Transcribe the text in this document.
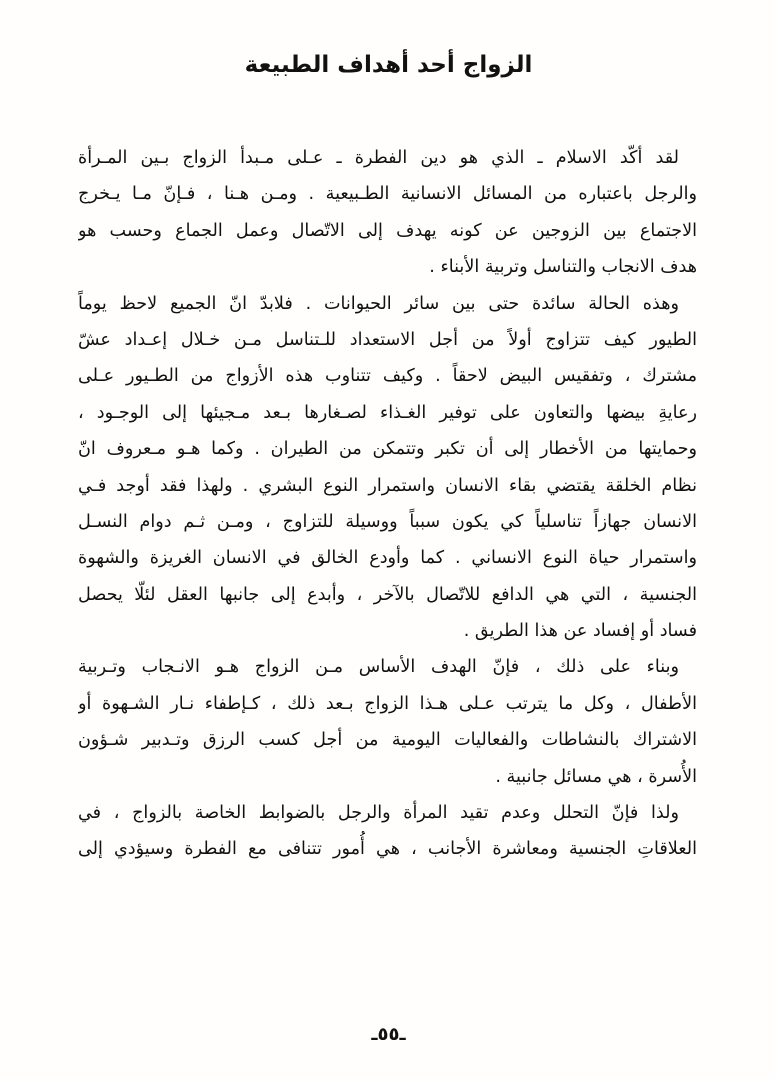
الزواج أحد أهداف الطبيعة
لقد أكّد الاسلام ـ الذي هو دين الفطرة ـ عـلى مـبدأ الزواج بـين المـرأة
والرجل باعتباره من المسائل الانسانية الطـبيعية . ومـن هـنا ، فـإنّ مـا يـخرج
الاجتماع بين الزوجين عن كونه يهدف إلى الاتّصال وعمل الجماع وحسب هو
هدف الانجاب والتناسل وتربية الأبناء .
وهذه الحالة سائدة حتى بين سائر الحيوانات . فلابدّ انّ الجميع لاحظ يوماً
الطيور كيف تتزاوج أولاً من أجل الاستعداد للـتناسل مـن خـلال إعـداد عشّ
مشترك ، وتفقيس البيض لاحقاً . وكيف تتناوب هذه الأزواج من الطـيور عـلى
رعايةِ بيضها والتعاون على توفير الغـذاء لصـغارها بـعد مـجيئها إلى الوجـود ،
وحمايتها من الأخطار إلى أن تكبر وتتمكن من الطيران . وكما هـو مـعروف انّ
نظام الخلقة يقتضي بقاء الانسان واستمرار النوع البشري . ولهذا فقد أوجد فـي
الانسان جهازاً تناسلياً كي يكون سبباً ووسيلة للتزاوج ، ومـن ثـم دوام النسـل
واستمرار حياة النوع الانساني . كما وأودع الخالق في الانسان الغريزة والشهوة
الجنسية ، التي هي الدافع للاتّصال بالآخر ، وأبدع إلى جانبها العقل لئلّا يحصل
فساد أو إفساد عن هذا الطريق .
وبناء على ذلك ، فإنّ الهدف الأساس مـن الزواج هـو الانـجاب وتـربية
الأطفال ، وكل ما يترتب عـلى هـذا الزواج بـعد ذلك ، كـإطفاء نـار الشـهوة أو
الاشتراك بالنشاطات والفعاليات اليومية من أجل كسب الرزق وتـدبير شـؤون
الأُسرة ، هي مسائل جانبية .
ولذا فإنّ التحلل وعدم تقيد المرأة والرجل بالضوابط الخاصة بالزواج ، في
العلاقاتِ الجنسية ومعاشرة الأجانب ، هي أُمور تتنافى مع الفطرة وسيؤدي إلى
ـ٥٥ـ
